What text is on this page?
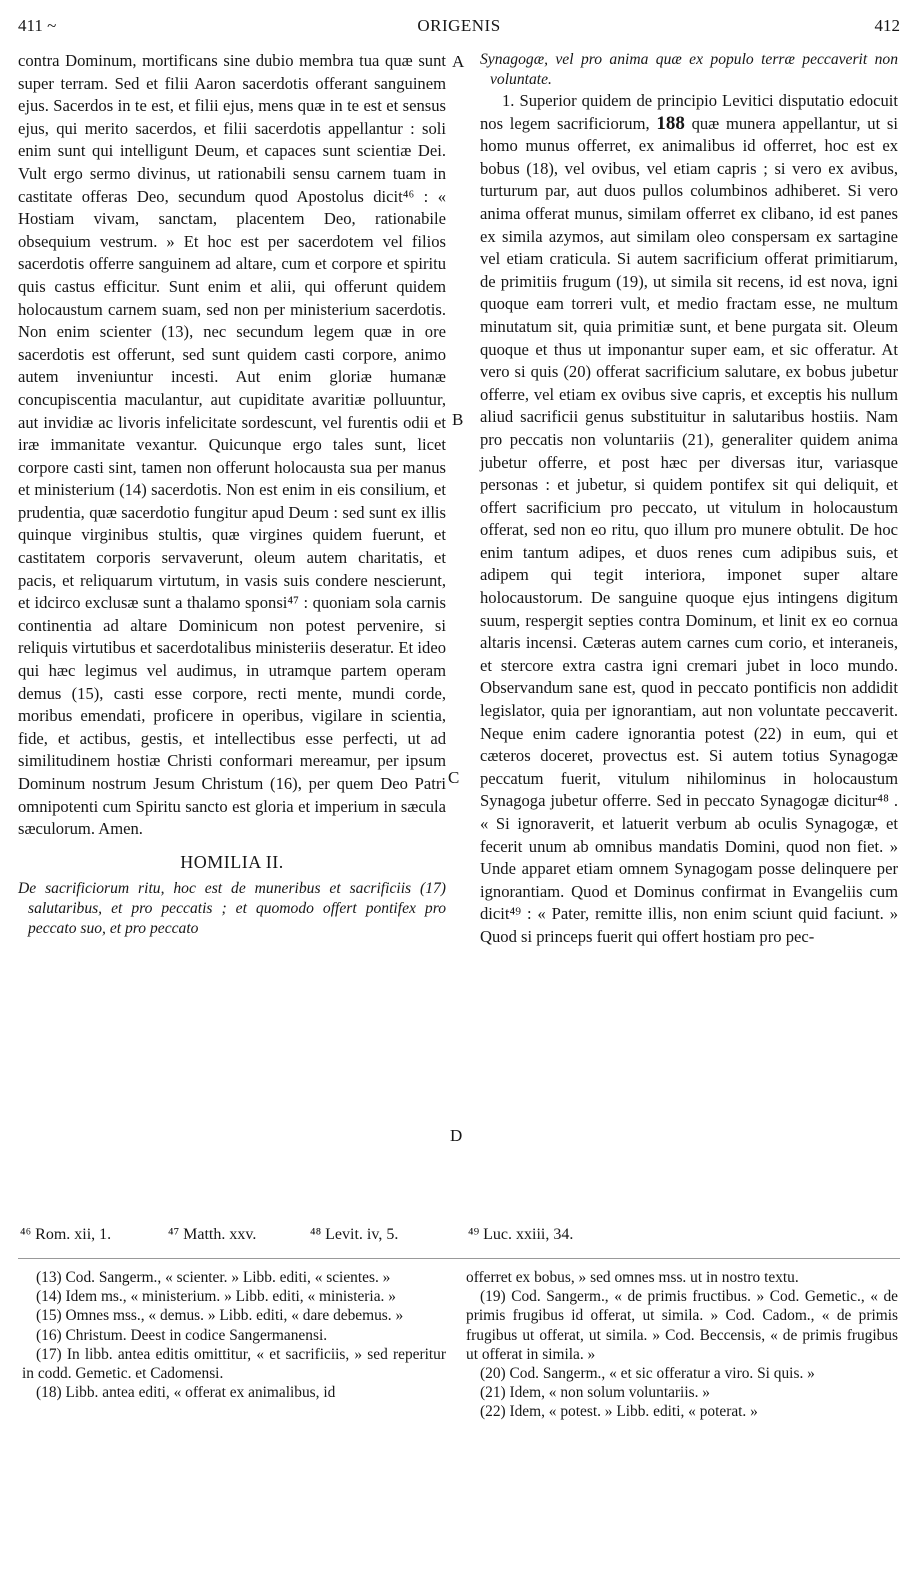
411 ~	ORIGENIS	412

contra Dominum, mortificans sine dubio membra tua quæ sunt super terram. Sed et filii Aaron sacerdotis offerant sanguinem ejus. Sacerdos in te est, et filii ejus, mens quæ in te est et sensus ejus, qui merito sacerdos, et filii sacerdotis appellantur : soli enim sunt qui intelligunt Deum, et capaces sunt scientiæ Dei. Vult ergo sermo divinus, ut rationabili sensu carnem tuam in castitate offeras Deo, secundum quod Apostolus dicit⁴⁶ : « Hostiam vivam, sanctam, placentem Deo, rationabile obsequium vestrum. » Et hoc est per sacerdotem vel filios sacerdotis offerre sanguinem ad altare, cum et corpore et spiritu quis castus efficitur. Sunt enim et alii, qui offerunt quidem holocaustum carnem suam, sed non per ministerium sacerdotis. Non enim scienter (13), nec secundum legem quæ in ore sacerdotis est offerunt, sed sunt quidem casti corpore, animo autem inveniuntur incesti. Aut enim gloriæ humanæ concupiscentia maculantur, aut cupiditate avaritiæ polluuntur, aut invidiæ ac livoris infelicitate sordescunt, vel furentis odii et iræ immanitate vexantur. Quicunque ergo tales sunt, licet corpore casti sint, tamen non offerunt holocausta sua per manus et ministerium (14) sacerdotis. Non est enim in eis consilium, et prudentia, quæ sacerdotio fungitur apud Deum : sed sunt ex illis quinque virginibus stultis, quæ virgines quidem fuerunt, et castitatem corporis servaverunt, oleum autem charitatis, et pacis, et reliquarum virtutum, in vasis suis condere nescierunt, et idcirco exclusæ sunt a thalamo sponsi⁴⁷ : quoniam sola carnis continentia ad altare Dominicum non potest pervenire, si reliquis virtutibus et sacerdotalibus ministeriis deseratur. Et ideo qui hæc legimus vel audimus, in utramque partem operam demus (15), casti esse corpore, recti mente, mundi corde, moribus emendati, proficere in operibus, vigilare in scientia, fide, et actibus, gestis, et intellectibus esse perfecti, ut ad similitudinem hostiæ Christi conformari mereamur, per ipsum Dominum nostrum Jesum Christum (16), per quem Deo Patri omnipotenti cum Spiritu sancto est gloria et imperium in sæcula sæculorum. Amen.

HOMILIA II.

De sacrificiorum ritu, hoc est de muneribus et sacrificiis (17) salutaribus, et pro peccatis ; et quomodo offert pontifex pro peccato suo, et pro peccato

A
B
C
D

Synagogæ, vel pro anima quæ ex populo terræ peccaverit non voluntate.

1. Superior quidem de principio Levitici disputatio edocuit nos legem sacrificiorum, 188 quæ munera appellantur, ut si homo munus offerret, ex animalibus id offerret, hoc est ex bobus (18), vel ovibus, vel etiam capris ; si vero ex avibus, turturum par, aut duos pullos columbinos adhiberet. Si vero anima offerat munus, similam offerret ex clibano, id est panes ex simila azymos, aut similam oleo conspersam ex sartagine vel etiam craticula. Si autem sacrificium offerat primitiarum, de primitiis frugum (19), ut simila sit recens, id est nova, igni quoque eam torreri vult, et medio fractam esse, ne multum minutatum sit, quia primitiæ sunt, et bene purgata sit. Oleum quoque et thus ut imponantur super eam, et sic offeratur. At vero si quis (20) offerat sacrificium salutare, ex bobus jubetur offerre, vel etiam ex ovibus sive capris, et exceptis his nullum aliud sacrificii genus substituitur in salutaribus hostiis. Nam pro peccatis non voluntariis (21), generaliter quidem anima jubetur offerre, et post hæc per diversas itur, variasque personas : et jubetur, si quidem pontifex sit qui deliquit, et offert sacrificium pro peccato, ut vitulum in holocaustum offerat, sed non eo ritu, quo illum pro munere obtulit. De hoc enim tantum adipes, et duos renes cum adipibus suis, et adipem qui tegit interiora, imponet super altare holocaustorum. De sanguine quoque ejus intingens digitum suum, respergit septies contra Dominum, et linit ex eo cornua altaris incensi. Cæteras autem carnes cum corio, et interaneis, et stercore extra castra igni cremari jubet in loco mundo. Observandum sane est, quod in peccato pontificis non addidit legislator, quia per ignorantiam, aut non voluntate peccaverit. Neque enim cadere ignorantia potest (22) in eum, qui et cæteros doceret, provectus est. Si autem totius Synagogæ peccatum fuerit, vitulum nihilominus in holocaustum Synagoga jubetur offerre. Sed in peccato Synagogæ dicitur⁴⁸ . « Si ignoraverit, et latuerit verbum ab oculis Synagogæ, et fecerit unum ab omnibus mandatis Domini, quod non fiet. » Unde apparet etiam omnem Synagogam posse delinquere per ignorantiam. Quod et Dominus confirmat in Evangeliis cum dicit⁴⁹ : « Pater, remitte illis, non enim sciunt quid faciunt. » Quod si princeps fuerit qui offert hostiam pro pec-

⁴⁶ Rom. xii, 1.	⁴⁷ Matth. xxv.	⁴⁸ Levit. iv, 5.	⁴⁹ Luc. xxiii, 34.

(13) Cod. Sangerm., « scienter. » Libb. editi, « scientes. »

(14) Idem ms., « ministerium. » Libb. editi, « ministeria. »

(15) Omnes mss., « demus. » Libb. editi, « dare debemus. »

(16) Christum. Deest in codice Sangermanensi.

(17) In libb. antea editis omittitur, « et sacrificiis, » sed reperitur in codd. Gemetic. et Cadomensi.

(18) Libb. antea editi, « offerat ex animalibus, id

offerret ex bobus, » sed omnes mss. ut in nostro textu.

(19) Cod. Sangerm., « de primis fructibus. » Cod. Gemetic., « de primis frugibus id offerat, ut simila. » Cod. Cadom., « de primis frugibus ut offerat, ut simila. » Cod. Beccensis, « de primis frugibus ut offerat in simila. »

(20) Cod. Sangerm., « et sic offeratur a viro. Si quis. »

(21) Idem, « non solum voluntariis. »

(22) Idem, « potest. » Libb. editi, « poterat. »
